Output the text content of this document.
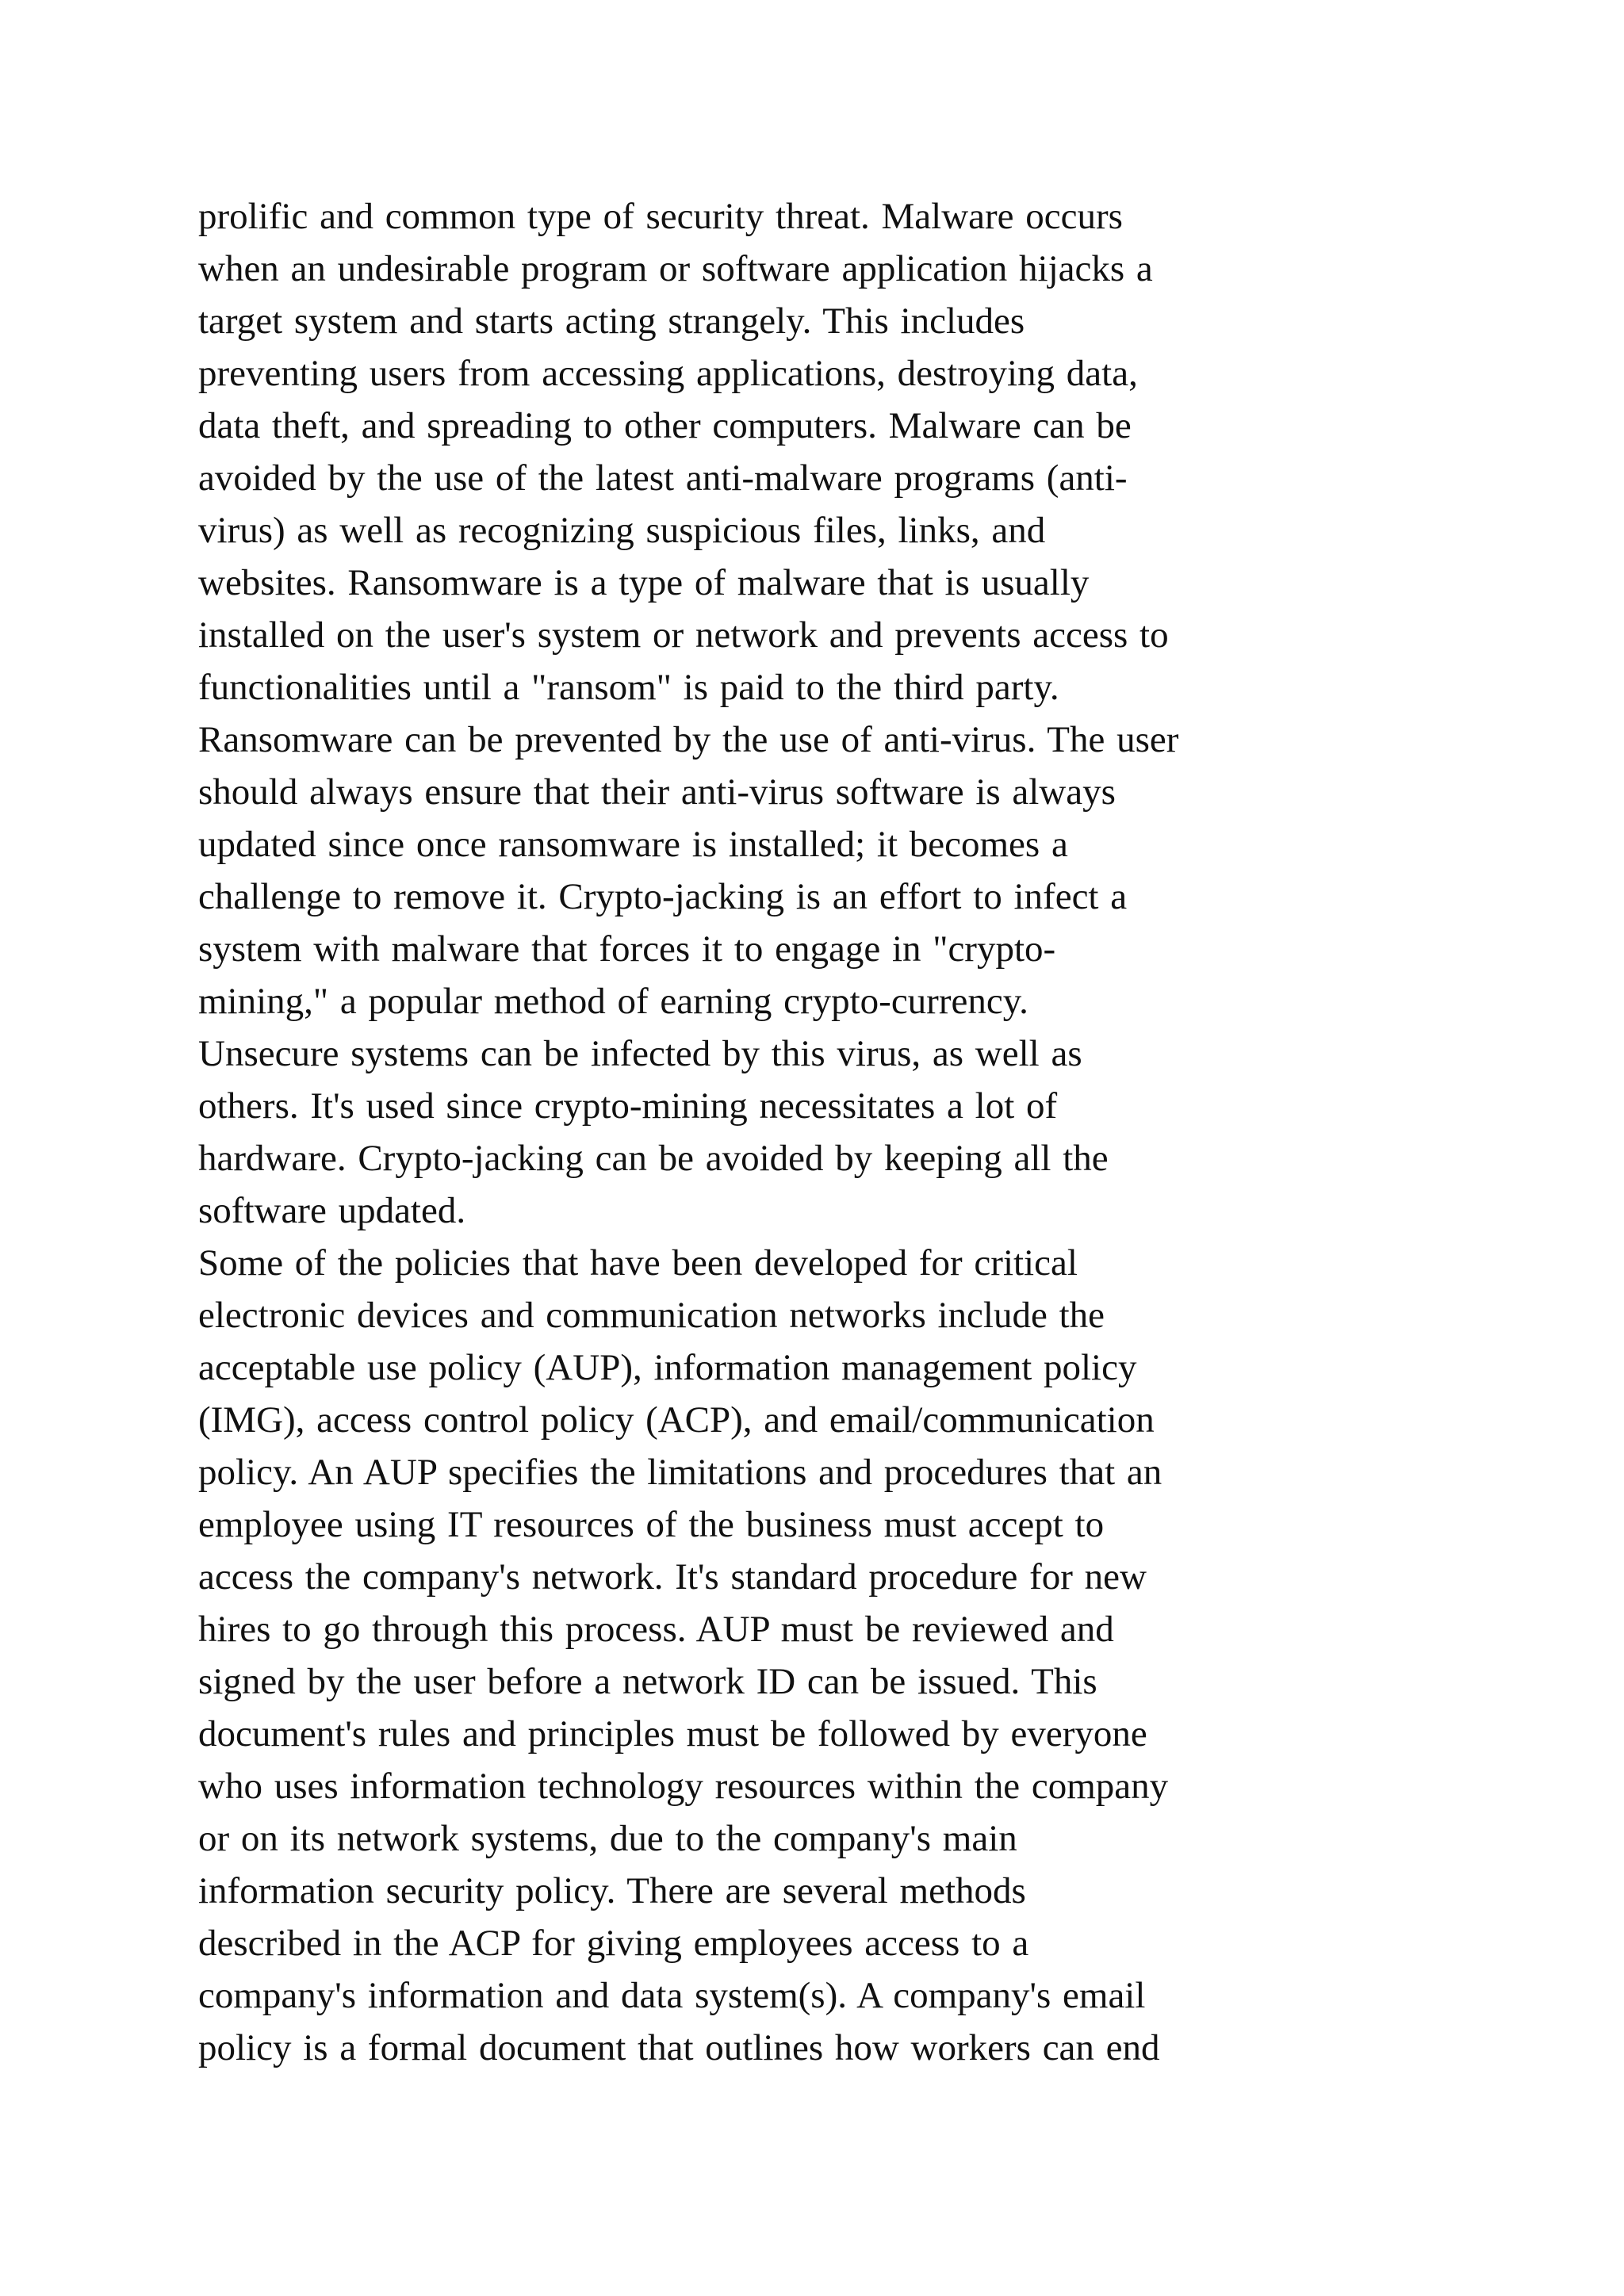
prolific and common type of security threat. Malware occurs
when an undesirable program or software application hijacks a
target system and starts acting strangely. This includes
preventing users from accessing applications, destroying data,
data theft, and spreading to other computers. Malware can be
avoided by the use of the latest anti-malware programs (anti-
virus) as well as recognizing suspicious files, links, and
websites. Ransomware is a type of malware that is usually
installed on the user's system or network and prevents access to
functionalities until a "ransom" is paid to the third party.
Ransomware can be prevented by the use of anti-virus. The user
should always ensure that their anti-virus software is always
updated since once ransomware is installed; it becomes a
challenge to remove it. Crypto-jacking is an effort to infect a
system with malware that forces it to engage in "crypto-
mining," a popular method of earning crypto-currency.
Unsecure systems can be infected by this virus, as well as
others. It's used since crypto-mining necessitates a lot of
hardware. Crypto-jacking can be avoided by keeping all the
software updated.
Some of the policies that have been developed for critical
electronic devices and communication networks include the
acceptable use policy (AUP), information management policy
(IMG), access control policy (ACP), and email/communication
policy. An AUP specifies the limitations and procedures that an
employee using IT resources of the business must accept to
access the company's network. It's standard procedure for new
hires to go through this process. AUP must be reviewed and
signed by the user before a network ID can be issued. This
document's rules and principles must be followed by everyone
who uses information technology resources within the company
or on its network systems, due to the company's main
information security policy. There are several methods
described in the ACP for giving employees access to a
company's information and data system(s). A company's email
policy is a formal document that outlines how workers can end
